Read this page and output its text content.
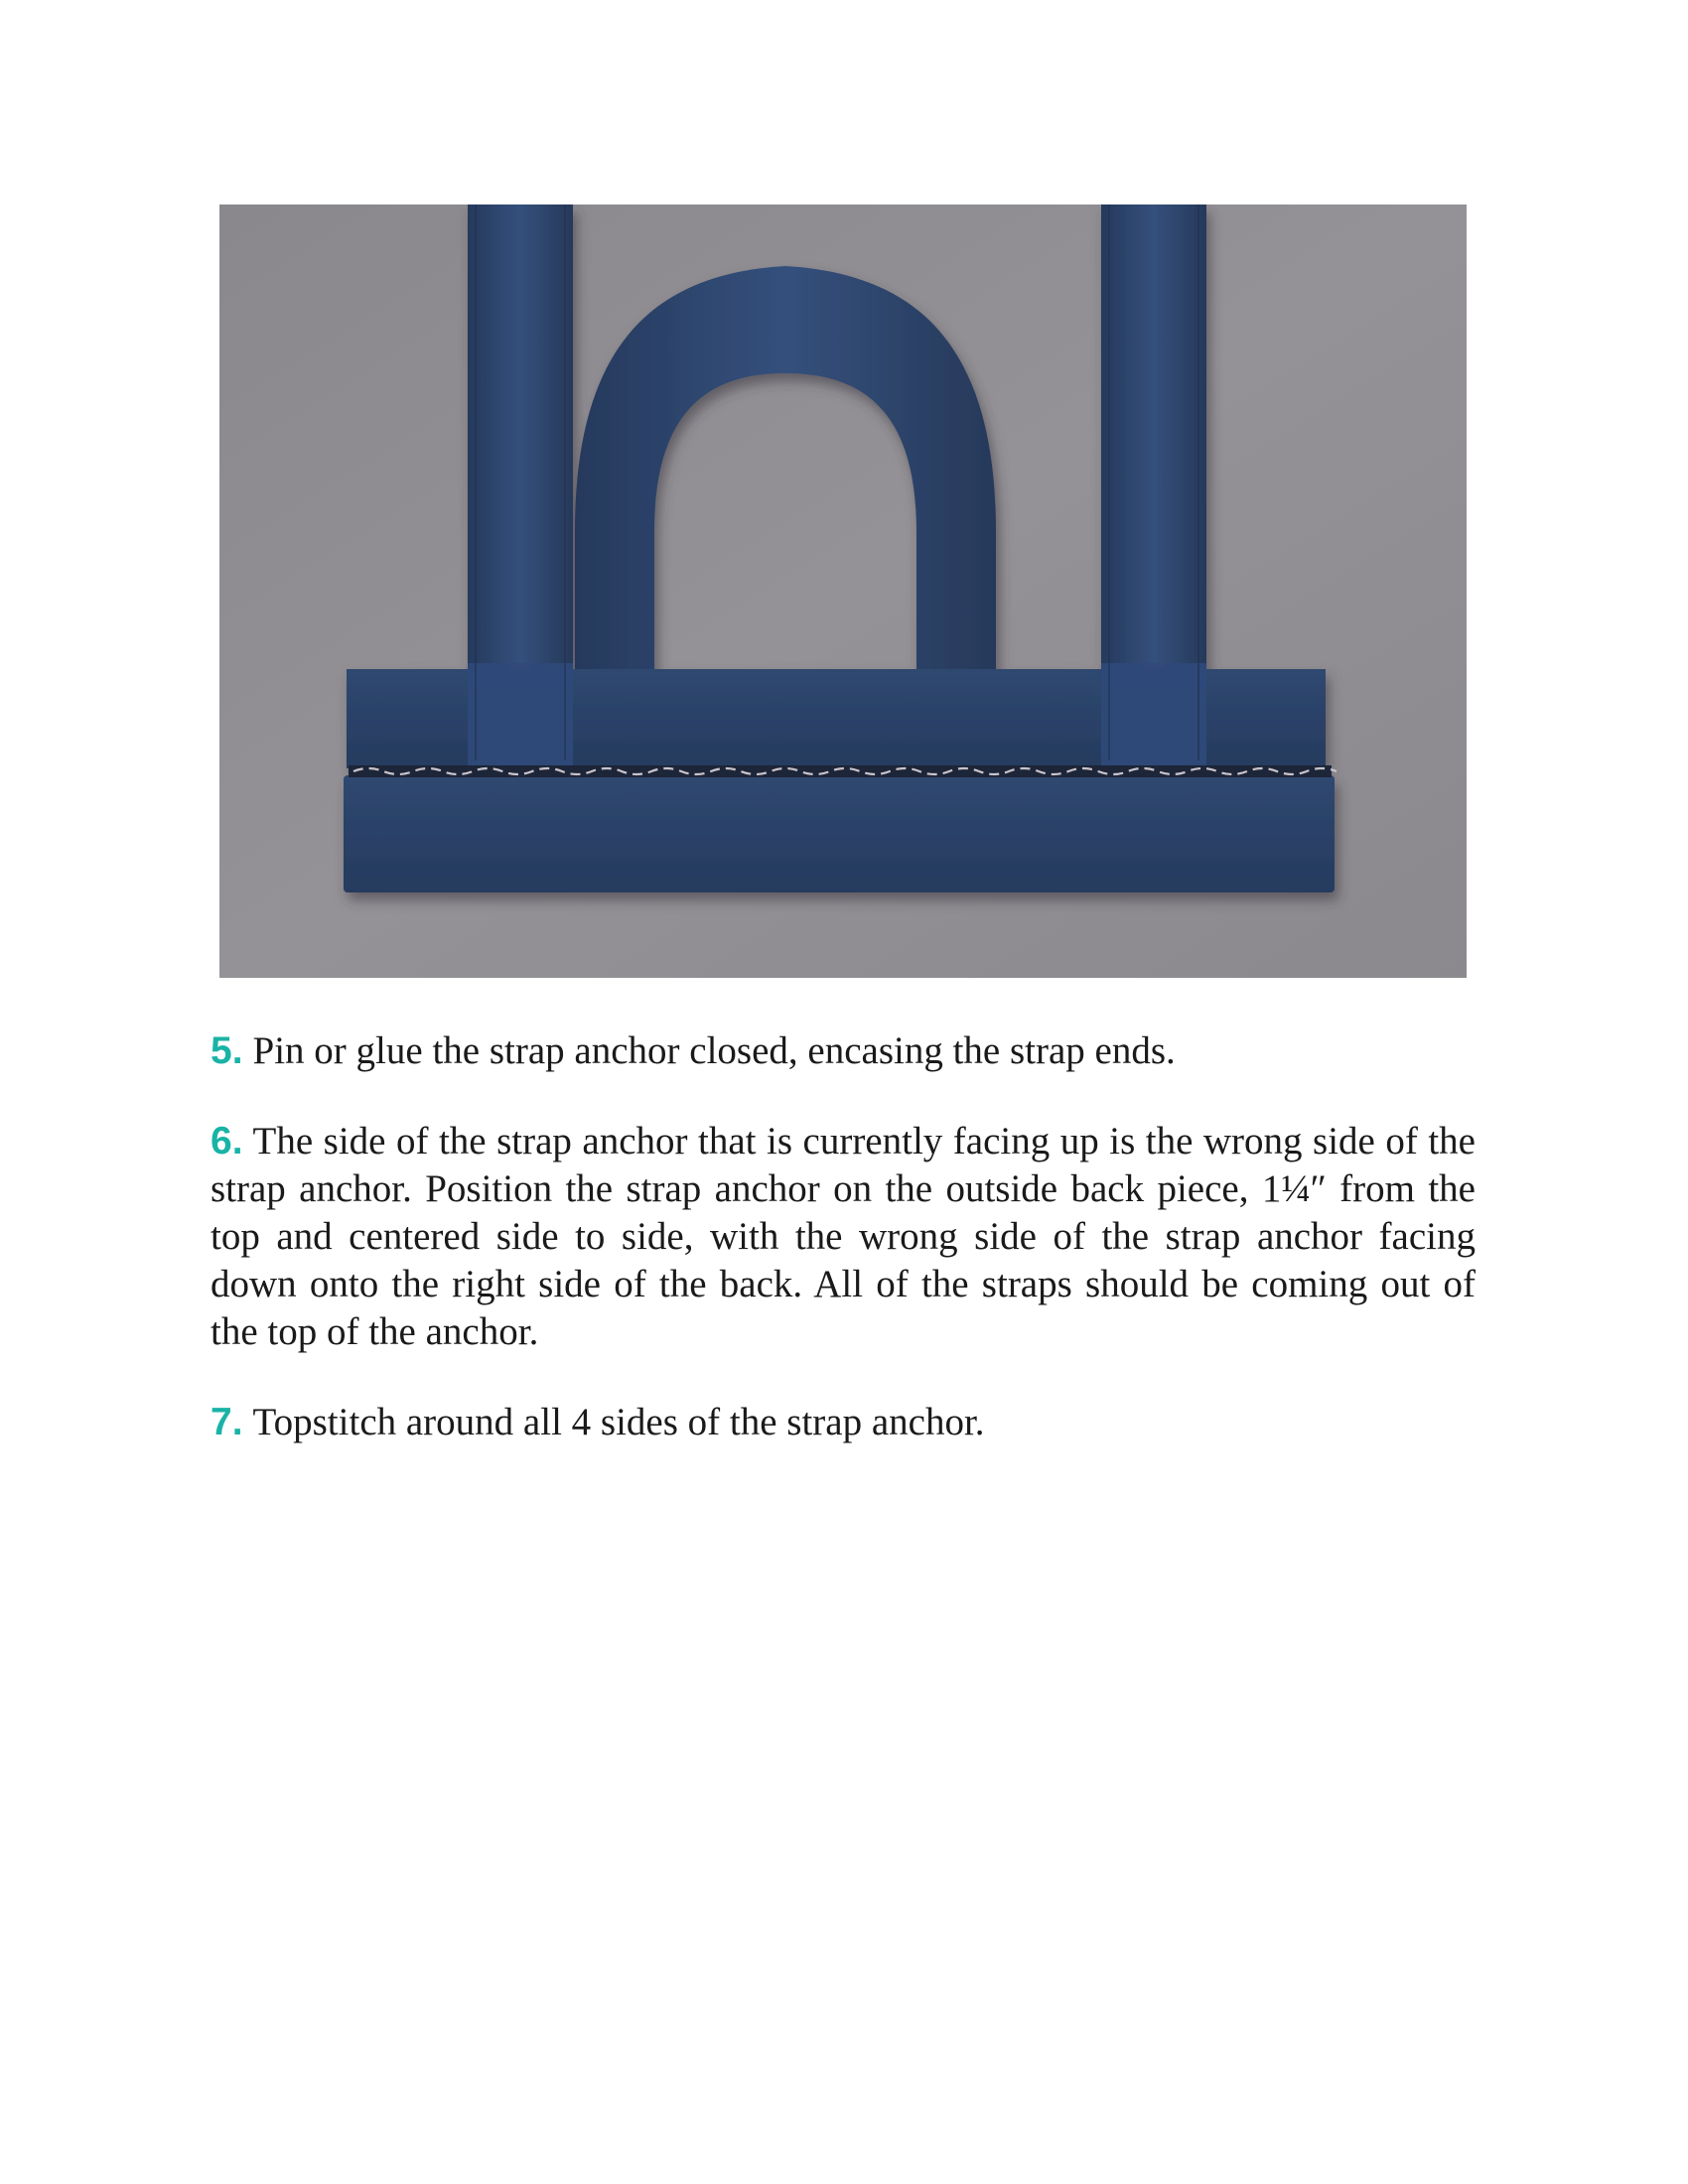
5. Pin or glue the strap anchor closed, encasing the strap ends.

6. The side of the strap anchor that is currently facing up is the wrong side of the strap anchor. Position the strap anchor on the outside back piece, 1¼″ from the top and centered side to side, with the wrong side of the strap anchor facing down onto the right side of the back. All of the straps should be coming out of the top of the anchor.

7. Topstitch around all 4 sides of the strap anchor.
